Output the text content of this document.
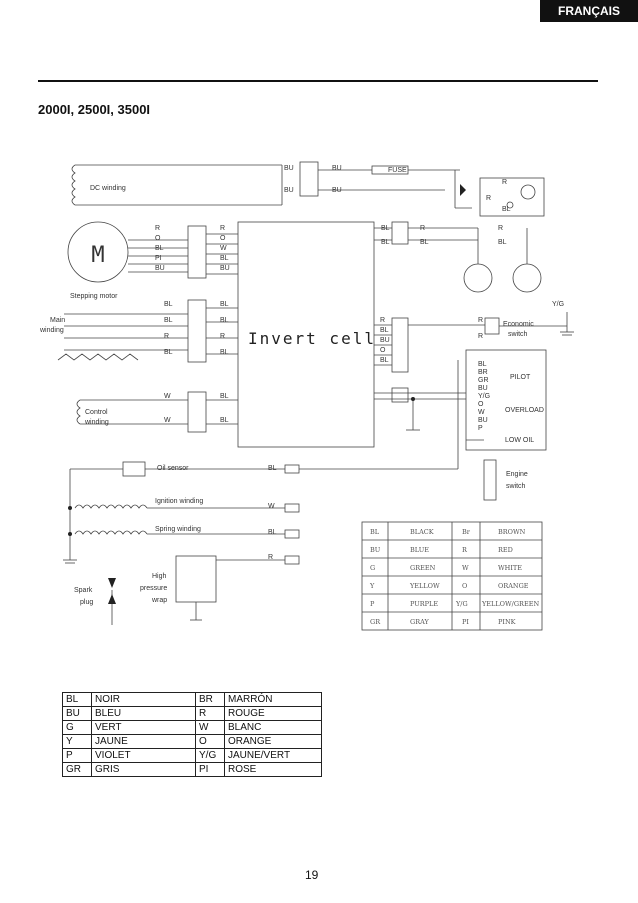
FRANÇAIS
2000I, 2500I, 3500I
Invert cell
M
DC winding
Stepping motor
Main
winding
Control
winding
Oil sensor
Ignition winding
Spring winding
Spark
plug
High
pressure
wrap
FUSE
Economic
switch
Engine
switch
PILOT
OVERLOAD
LOW OIL
Y/G
BU
BU
BU
BU
R
R
BL
R
O
BL
PI
BU
R
O
W
BL
BU
BL
BL
R
BL
BL
BL
R
BL
W
W
BL
BL
BL
BL
R
BL
R
BL
R
BL
BU
O
BL
R
R
BL
BR
GR
BU
Y/G
O
W
BU
P
BL
W
BL
R
BL	BLACK	Br	BROWN
BU	BLUE	R	RED
G	GREEN	W	WHITE
Y	YELLOW	O	ORANGE
P	PURPLE	Y/G YELLOW/GREEN
GR	GRAY	PI	PINK
BL	NOIR	BR	MARRÓN
BU	BLEU	R	ROUGE
G	VERT	W	BLANC
Y	JAUNE	O	ORANGE
P	VIOLET	Y/G	JAUNE/VERT
GR	GRIS	PI	ROSE
19
